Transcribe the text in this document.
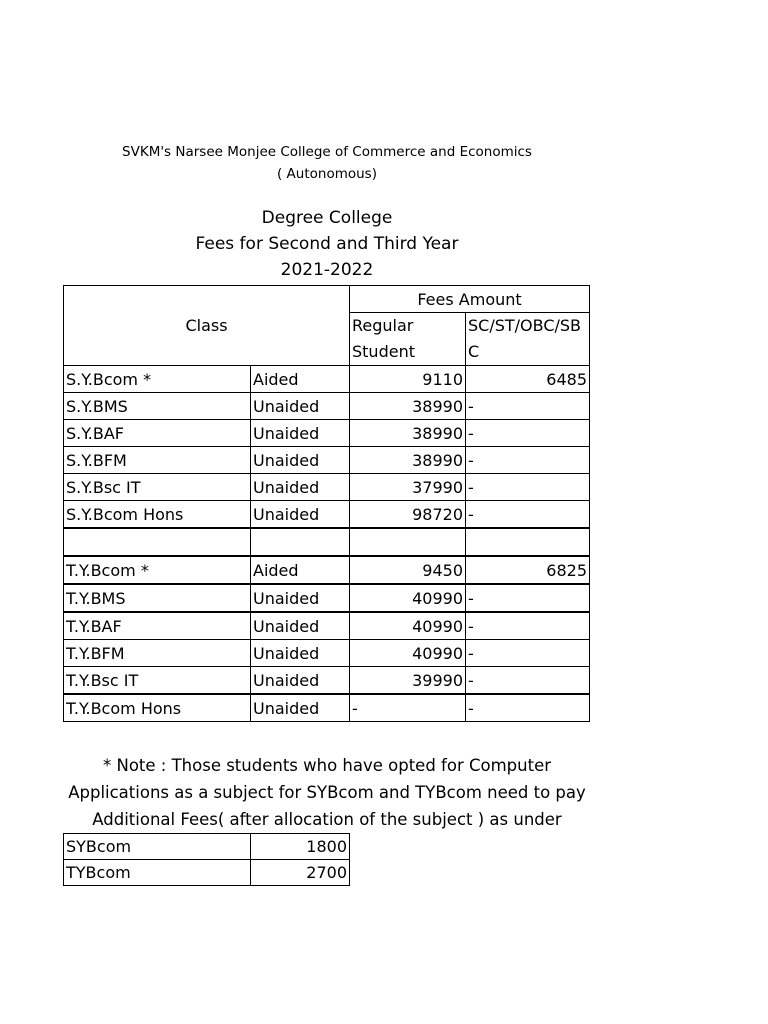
SVKM's Narsee Monjee College of Commerce and Economics
( Autonomous)
Degree College
Fees for Second and Third Year
2021-2022
Class		Fees Amount	
		Regular Student	SC/ST/OBC/SBC

S.Y.Bcom *	Aided	9110	6485
S.Y.BMS	Unaided	38990	-
S.Y.BAF	Unaided	38990	-
S.Y.BFM	Unaided	38990	-
S.Y.Bsc IT	Unaided	37990	-
S.Y.Bcom Hons	Unaided	98720	-

T.Y.Bcom *	Aided	9450	6825
T.Y.BMS	Unaided	40990	-
T.Y.BAF	Unaided	40990	-
T.Y.BFM	Unaided	40990	-
T.Y.Bsc IT	Unaided	39990	-
T.Y.Bcom Hons	Unaided	-	-
* Note : Those students who have opted for Computer
Applications as a subject for SYBcom and TYBcom need to pay
Additional Fees( after allocation of the subject ) as under
SYBcom	1800
TYBcom	2700
